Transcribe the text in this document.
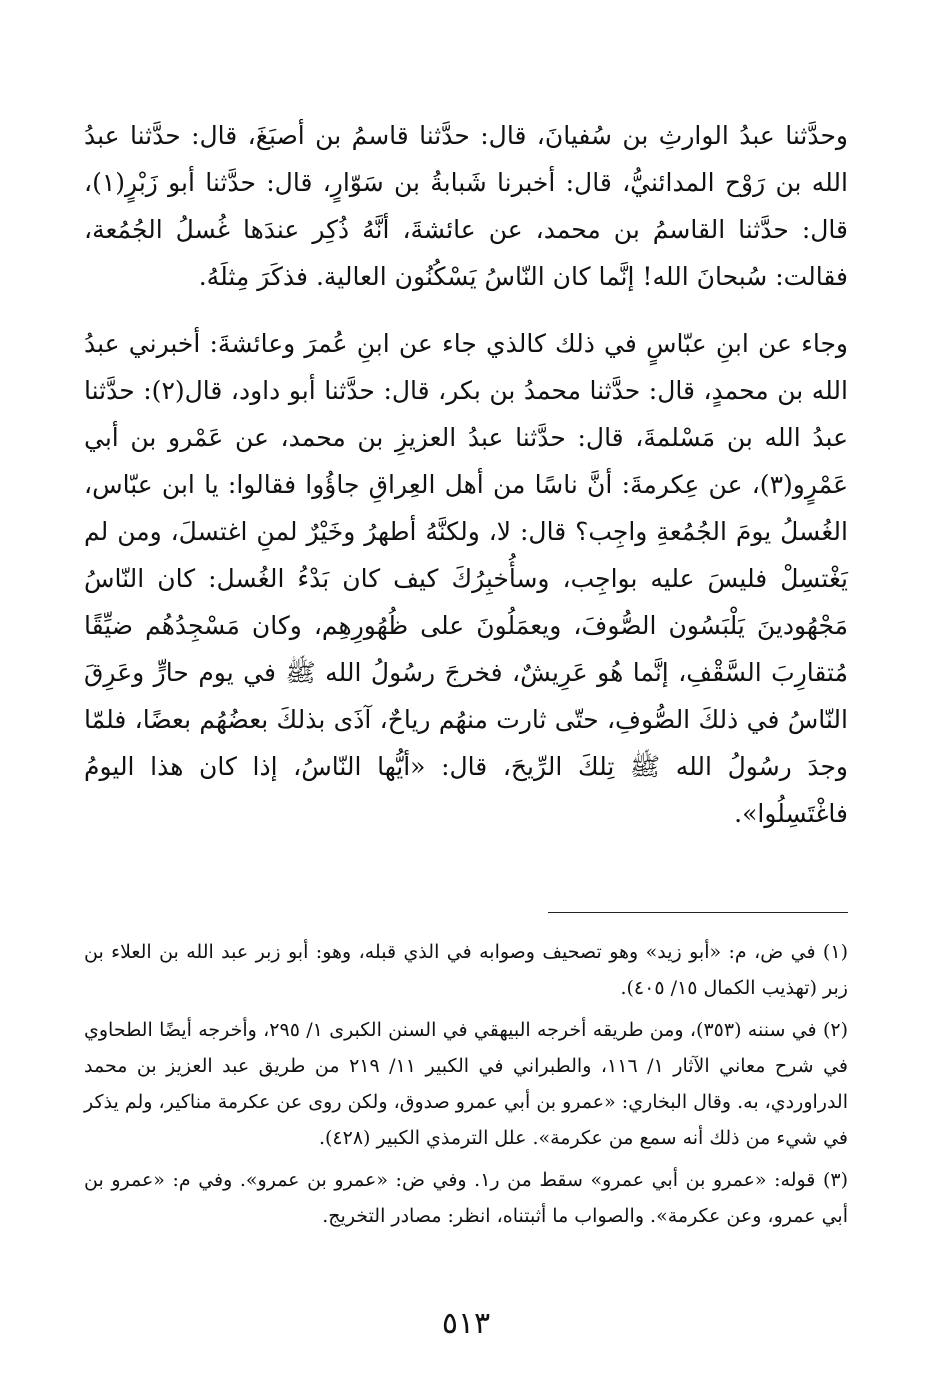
وحدَّثنا عبدُ الوارثِ بن سُفيانَ، قال: حدَّثنا قاسمُ بن أصبَغَ، قال: حدَّثنا عبدُ الله بن رَوْح المدائنيُّ، قال: أخبرنا شَبابةُ بن سَوّارٍ، قال: حدَّثنا أبو زَبْرٍ(١)، قال: حدَّثنا القاسمُ بن محمد، عن عائشةَ، أنَّهُ ذُكِر عندَها غُسلُ الجُمُعة، فقالت: سُبحانَ الله! إنَّما كان النّاسُ يَسْكُنُون العالية. فذكَرَ مِثلَهُ.

وجاء عن ابنِ عبّاسٍ في ذلك كالذي جاء عن ابنِ عُمرَ وعائشةَ: أخبرني عبدُ الله بن محمدٍ، قال: حدَّثنا محمدُ بن بكر، قال: حدَّثنا أبو داود، قال(٢): حدَّثنا عبدُ الله بن مَسْلمةَ، قال: حدَّثنا عبدُ العزيزِ بن محمد، عن عَمْرو بن أبي عَمْرٍو(٣)، عن عِكرمةَ: أنَّ ناسًا من أهل العِراقِ جاؤُوا فقالوا: يا ابن عبّاس، الغُسلُ يومَ الجُمُعةِ واجِب؟ قال: لا، ولكنَّهُ أطهرُ وخَيْرٌ لمنِ اغتسلَ، ومن لم يَغْتسِلْ فليسَ عليه بواجِب، وسأُخبِرُكَ كيف كان بَدْءُ الغُسل: كان النّاسُ مَجْهُودينَ يَلْبَسُون الصُّوفَ، ويعمَلُونَ على ظُهُورِهِم، وكان مَسْجِدُهُم ضيِّقًا مُتقارِبَ السَّقْفِ، إنَّما هُو عَرِيشٌ، فخرجَ رسُولُ الله ﷺ في يوم حارٍّ وعَرِقَ النّاسُ في ذلكَ الصُّوفِ، حتّى ثارت منهُم رياحٌ، آذَى بذلكَ بعضُهُم بعضًا، فلمّا وجدَ رسُولُ الله ﷺ تِلكَ الرِّيحَ، قال: «أيُّها النّاسُ، إذا كان هذا اليومُ فاغْتَسِلُوا».

(١) في ض، م: «أبو زيد» وهو تصحيف وصوابه في الذي قبله، وهو: أبو زبر عبد الله بن العلاء بن زبر (تهذيب الكمال ١٥/ ٤٠٥).

(٢) في سننه (٣٥٣)، ومن طريقه أخرجه البيهقي في السنن الكبرى ١/ ٢٩٥، وأخرجه أيضًا الطحاوي في شرح معاني الآثار ١/ ١١٦، والطبراني في الكبير ١١/ ٢١٩ من طريق عبد العزيز بن محمد الدراوردي، به. وقال البخاري: «عمرو بن أبي عمرو صدوق، ولكن روى عن عكرمة مناكير، ولم يذكر في شيء من ذلك أنه سمع من عكرمة». علل الترمذي الكبير (٤٢٨).

(٣) قوله: «عمرو بن أبي عمرو» سقط من ر١. وفي ض: «عمرو بن عمرو». وفي م: «عمرو بن أبي عمرو، وعن عكرمة». والصواب ما أثبتناه، انظر: مصادر التخريج.

٥١٣
